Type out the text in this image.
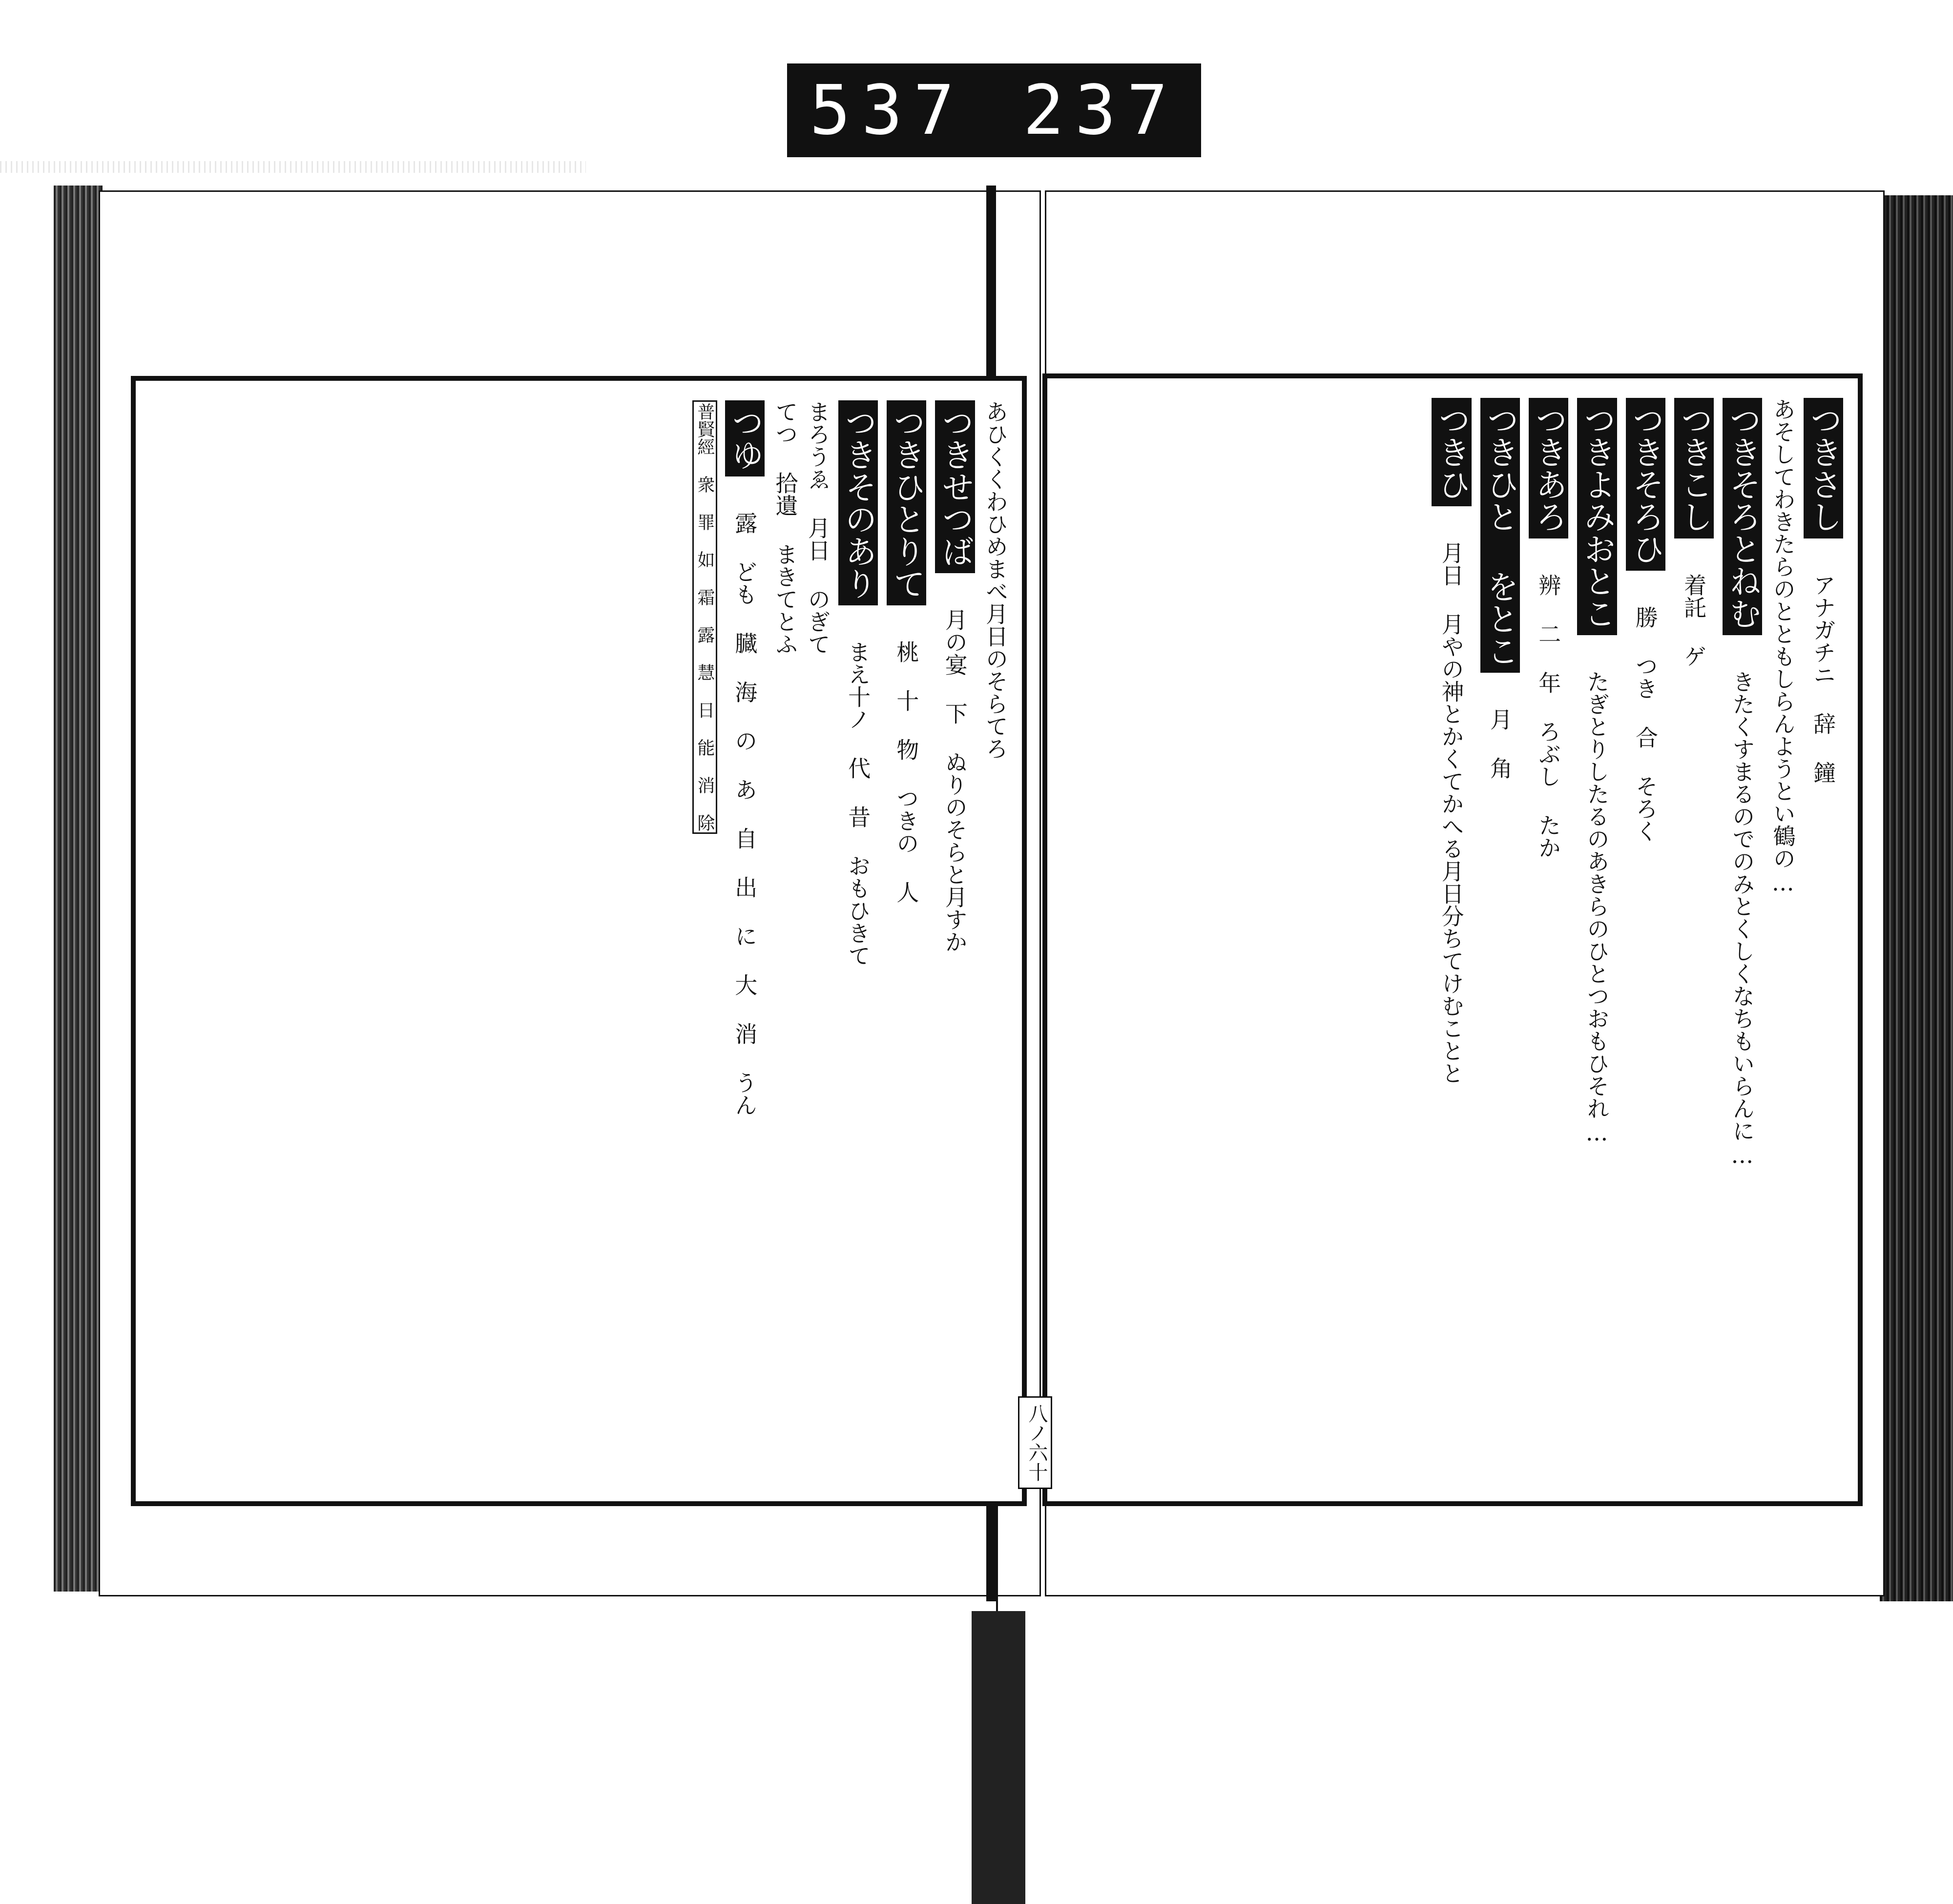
537 237
あひくくわひめまべ月日のそらてろ
つきせつば 月の宴 下 ぬりのそらと月すか
つきひとりて 桃 十 物 つきの 人
つきそのあり まえ十ノ 代 昔 おもひきて
まろうゑ 月日 のぎて
てつ 拾遺 まきてとふ
つゆ 露 ども 臓 海 の あ 自 出 に 大 消 うん
普賢經 衆 罪 如 霜 露 慧 日 能 消 除	つきさし アナガチニ 辞 鐘
あそしてわきたらのとともしらんようとい鶴の…
つきそろとねむ きたくすまるのでのみとくしくなちもいらんに…
つきこし 着託 ゲ
つきそろひ 勝 つき 合 そろく
つきよみおとこ たぎとりしたるのあきらのひとつおもひそれ…
つきあろ 辨 二 年 ろぶし たか
つきひと をとこ 月 角
つきひ 月日 月やの神とかくてかへる月日分ちてけむことと
八ノ六十
